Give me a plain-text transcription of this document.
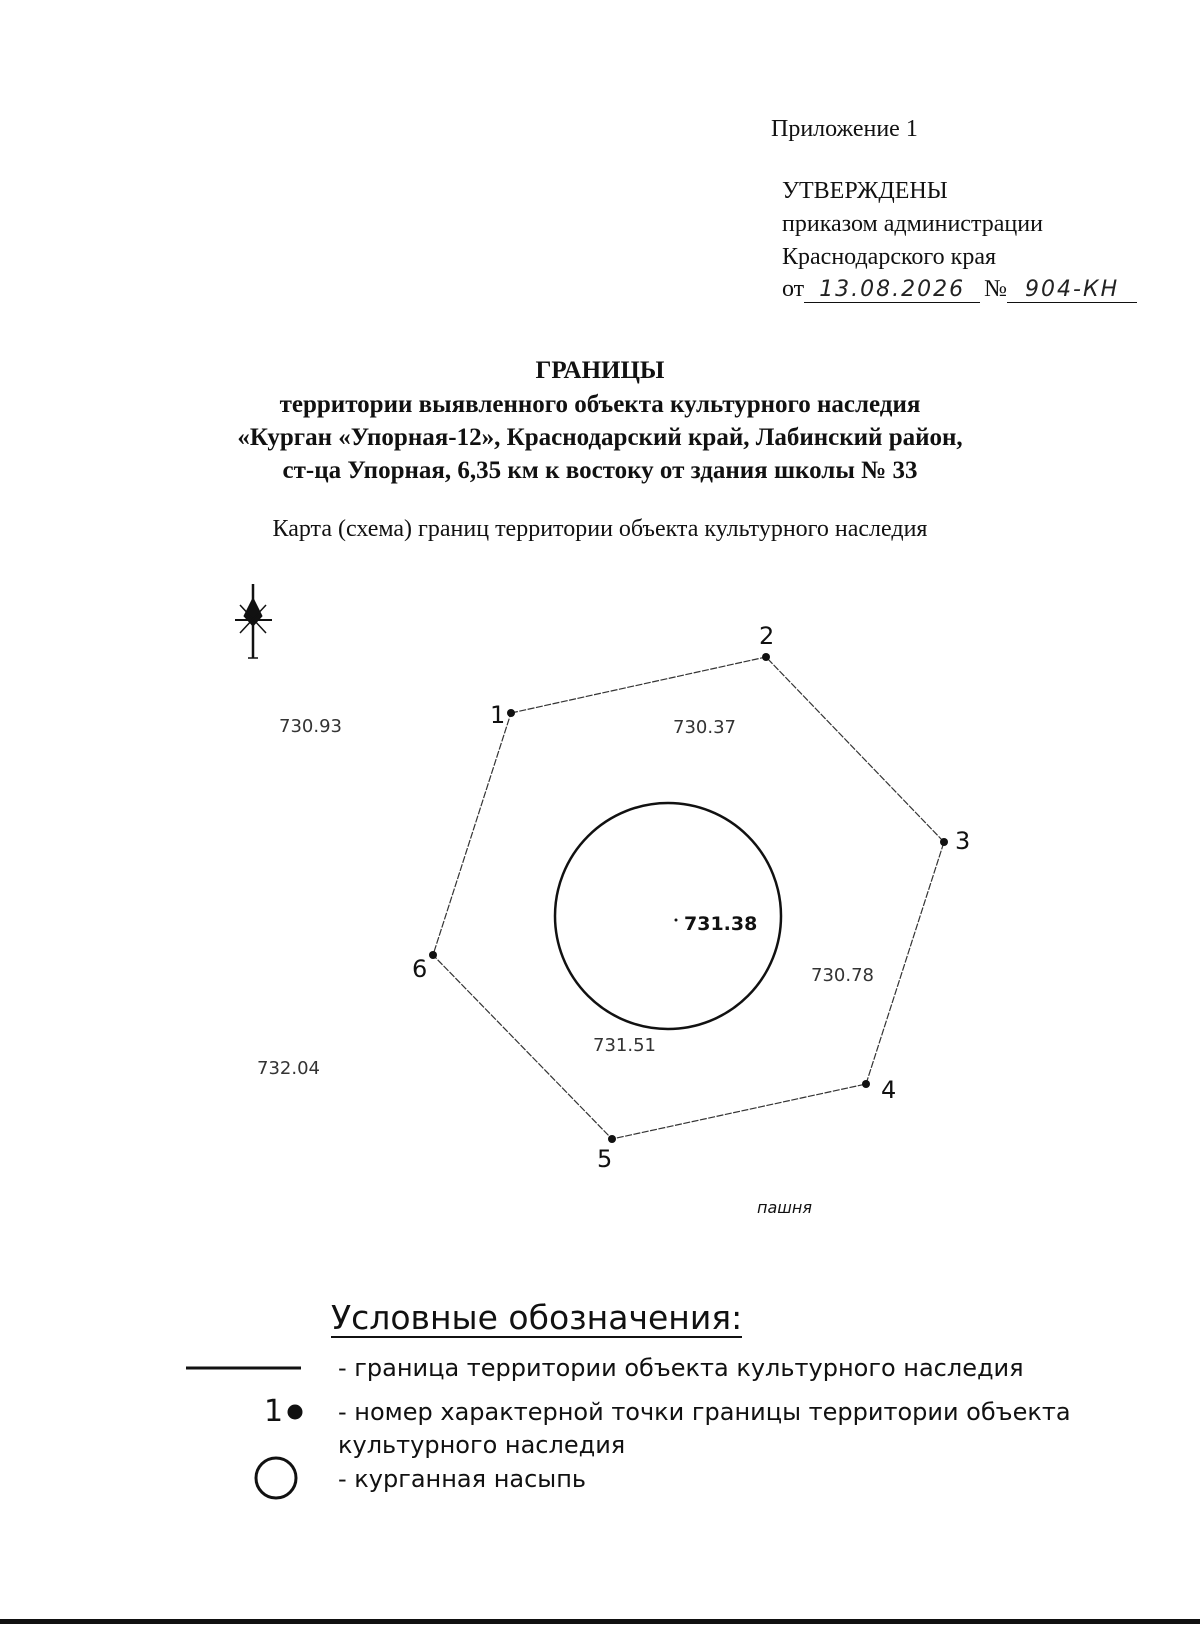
Приложение 1
УТВЕРЖДЕНЫ
приказом администрации
Краснодарского края
от 13.08.2026 № 904-КН
ГРАНИЦЫ
территории выявленного объекта культурного наследия
«Курган «Упорная-12», Краснодарский край, Лабинский район,
ст-ца Упорная, 6,35 км к востоку от здания школы № 33
Карта (схема) границ территории объекта культурного наследия
1
2
3
4
5
6
730.93	730.37
731.38
730.78
731.51
732.04
пашня
Условные обозначения:
- граница территории объекта культурного наследия
1 - номер характерной точки границы территории объекта
культурного наследия
- курганная насыпь
